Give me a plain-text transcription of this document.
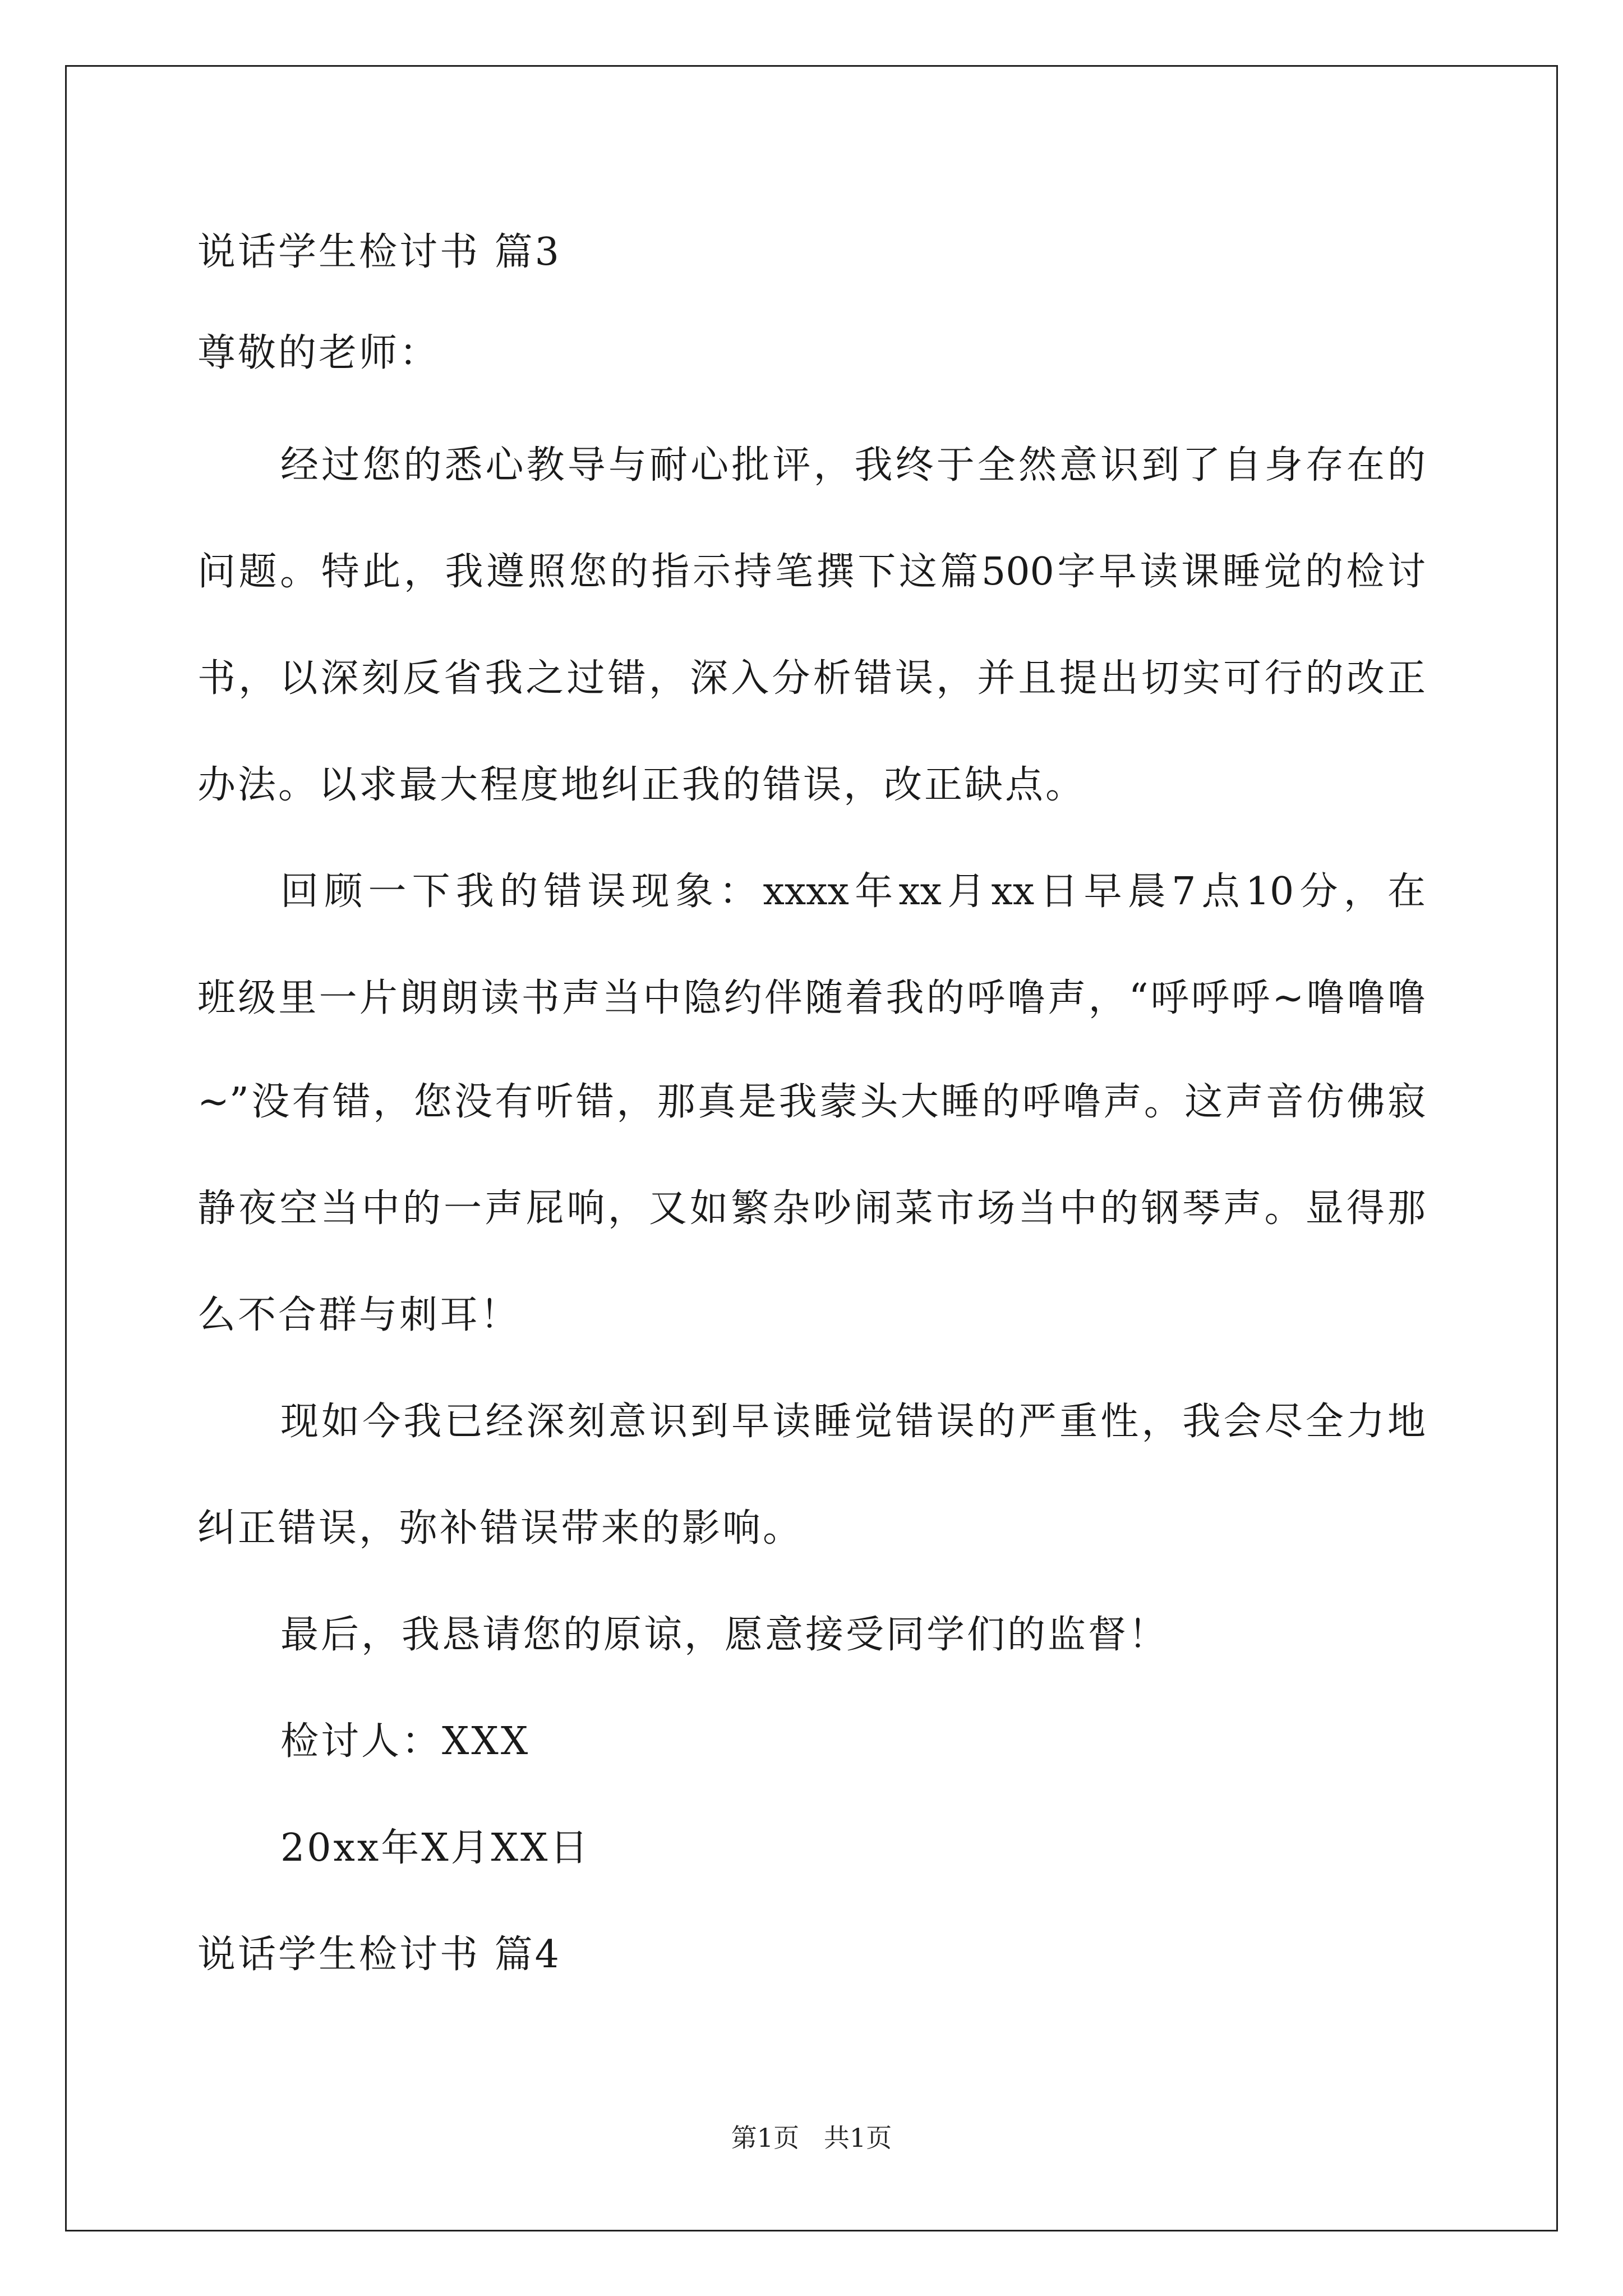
说话学生检讨书 篇3
尊敬的老师：
经过您的悉心教导与耐心批评，我终于全然意识到了自身存在的
问题。特此，我遵照您的指示持笔撰下这篇500字早读课睡觉的检讨
书，以深刻反省我之过错，深入分析错误，并且提出切实可行的改正
办法。以求最大程度地纠正我的错误，改正缺点。
回顾一下我的错误现象：xxxx年xx月xx日早晨7点10分，在
班级里一片朗朗读书声当中隐约伴随着我的呼噜声，“呼呼呼~噜噜噜
~”没有错，您没有听错，那真是我蒙头大睡的呼噜声。这声音仿佛寂
静夜空当中的一声屁响，又如繁杂吵闹菜市场当中的钢琴声。显得那
么不合群与刺耳！
现如今我已经深刻意识到早读睡觉错误的严重性，我会尽全力地
纠正错误，弥补错误带来的影响。
最后，我恳请您的原谅，愿意接受同学们的监督！
检讨人：XXX
20xx年X月XX日
说话学生检讨书 篇4
第1页   共1页
